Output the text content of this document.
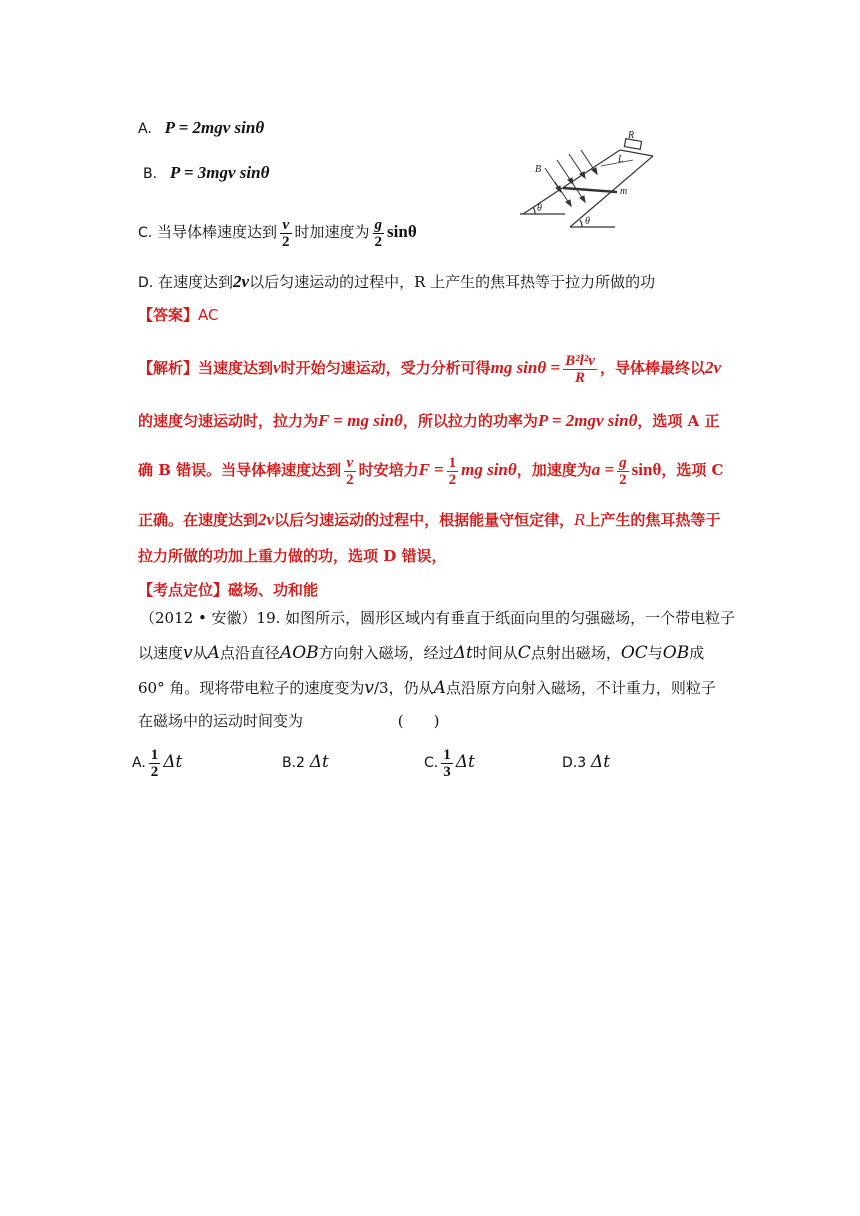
A. P = 2mgv sinθ
B. P = 3mgv sinθ
C. 当导体棒速度达到 $\frac{v}{2}$ 时加速度为 $\frac{g}{2}$ sinθ
D. 在速度达到2v以后匀速运动的过程中，R 上产生的焦耳热等于拉力所做的功
【答案】AC
【解析】当速度达到v时开始匀速运动，受力分析可得mg $\sin\theta = \frac{\text{B²l²v}}{R}$ ，导体棒最终以2v
的速度匀速运动时，拉力为F = mg sinθ，所以拉力的功率为P = 2mgv sinθ，选项 A 正
确 B 错误。当导体棒速度达到 $\frac{v}{2}$ 时安培力$F = \frac{1}{2}$ mg sinθ，加速度为$a = \frac{g}{2}$ sinθ，选项 C
正确。在速度达到2v以后匀速运动的过程中，根据能量守恒定律，R上产生的焦耳热等于
拉力所做的功加上重力做的功，选项 D 错误，
【考点定位】磁场、功和能
（2012 • 安徽）19. 如图所示，圆形区域内有垂直于纸面向里的匀强磁场，一个带电粒子
以速度v从A点沿直径AOB方向射入磁场，经过Δt时间从C点射出磁场，OC与OB成
60° 角。现将带电粒子的速度变为v/3，仍从A点沿原方向射入磁场，不计重力，则粒子
在磁场中的运动时间变为	(　　)
A. $\frac{1}{2}$ Δt	B.2 Δt	C. $\frac{1}{3}$ Δt	D.3 Δt
B
R
L
m
θ
θ
